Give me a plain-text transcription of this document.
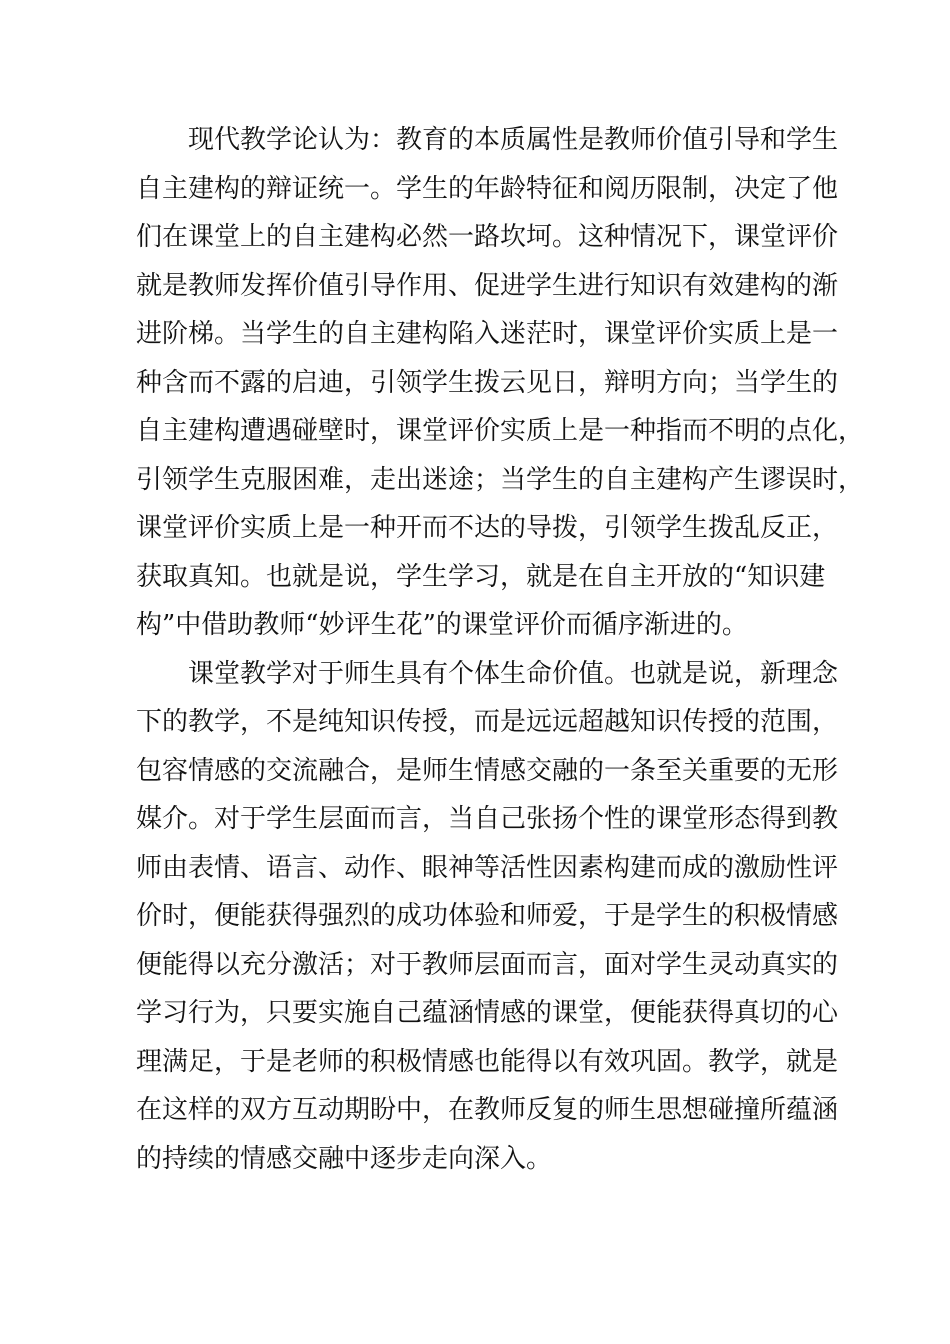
现代教学论认为：教育的本质属性是教师价值引导和学生
自主建构的辩证统一。学生的年龄特征和阅历限制，决定了他
们在课堂上的自主建构必然一路坎坷。这种情况下，课堂评价
就是教师发挥价值引导作用、促进学生进行知识有效建构的渐
进阶梯。当学生的自主建构陷入迷茫时，课堂评价实质上是一
种含而不露的启迪，引领学生拨云见日，辩明方向；当学生的
自主建构遭遇碰壁时，课堂评价实质上是一种指而不明的点化，
引领学生克服困难，走出迷途；当学生的自主建构产生谬误时，
课堂评价实质上是一种开而不达的导拨，引领学生拨乱反正，
获取真知。也就是说，学生学习，就是在自主开放的“知识建
构”中借助教师“妙评生花”的课堂评价而循序渐进的。
课堂教学对于师生具有个体生命价值。也就是说，新理念
下的教学，不是纯知识传授，而是远远超越知识传授的范围，
包容情感的交流融合，是师生情感交融的一条至关重要的无形
媒介。对于学生层面而言，当自己张扬个性的课堂形态得到教
师由表情、语言、动作、眼神等活性因素构建而成的激励性评
价时，便能获得强烈的成功体验和师爱，于是学生的积极情感
便能得以充分激活；对于教师层面而言，面对学生灵动真实的
学习行为，只要实施自己蕴涵情感的课堂，便能获得真切的心
理满足，于是老师的积极情感也能得以有效巩固。教学，就是
在这样的双方互动期盼中，在教师反复的师生思想碰撞所蕴涵
的持续的情感交融中逐步走向深入。
